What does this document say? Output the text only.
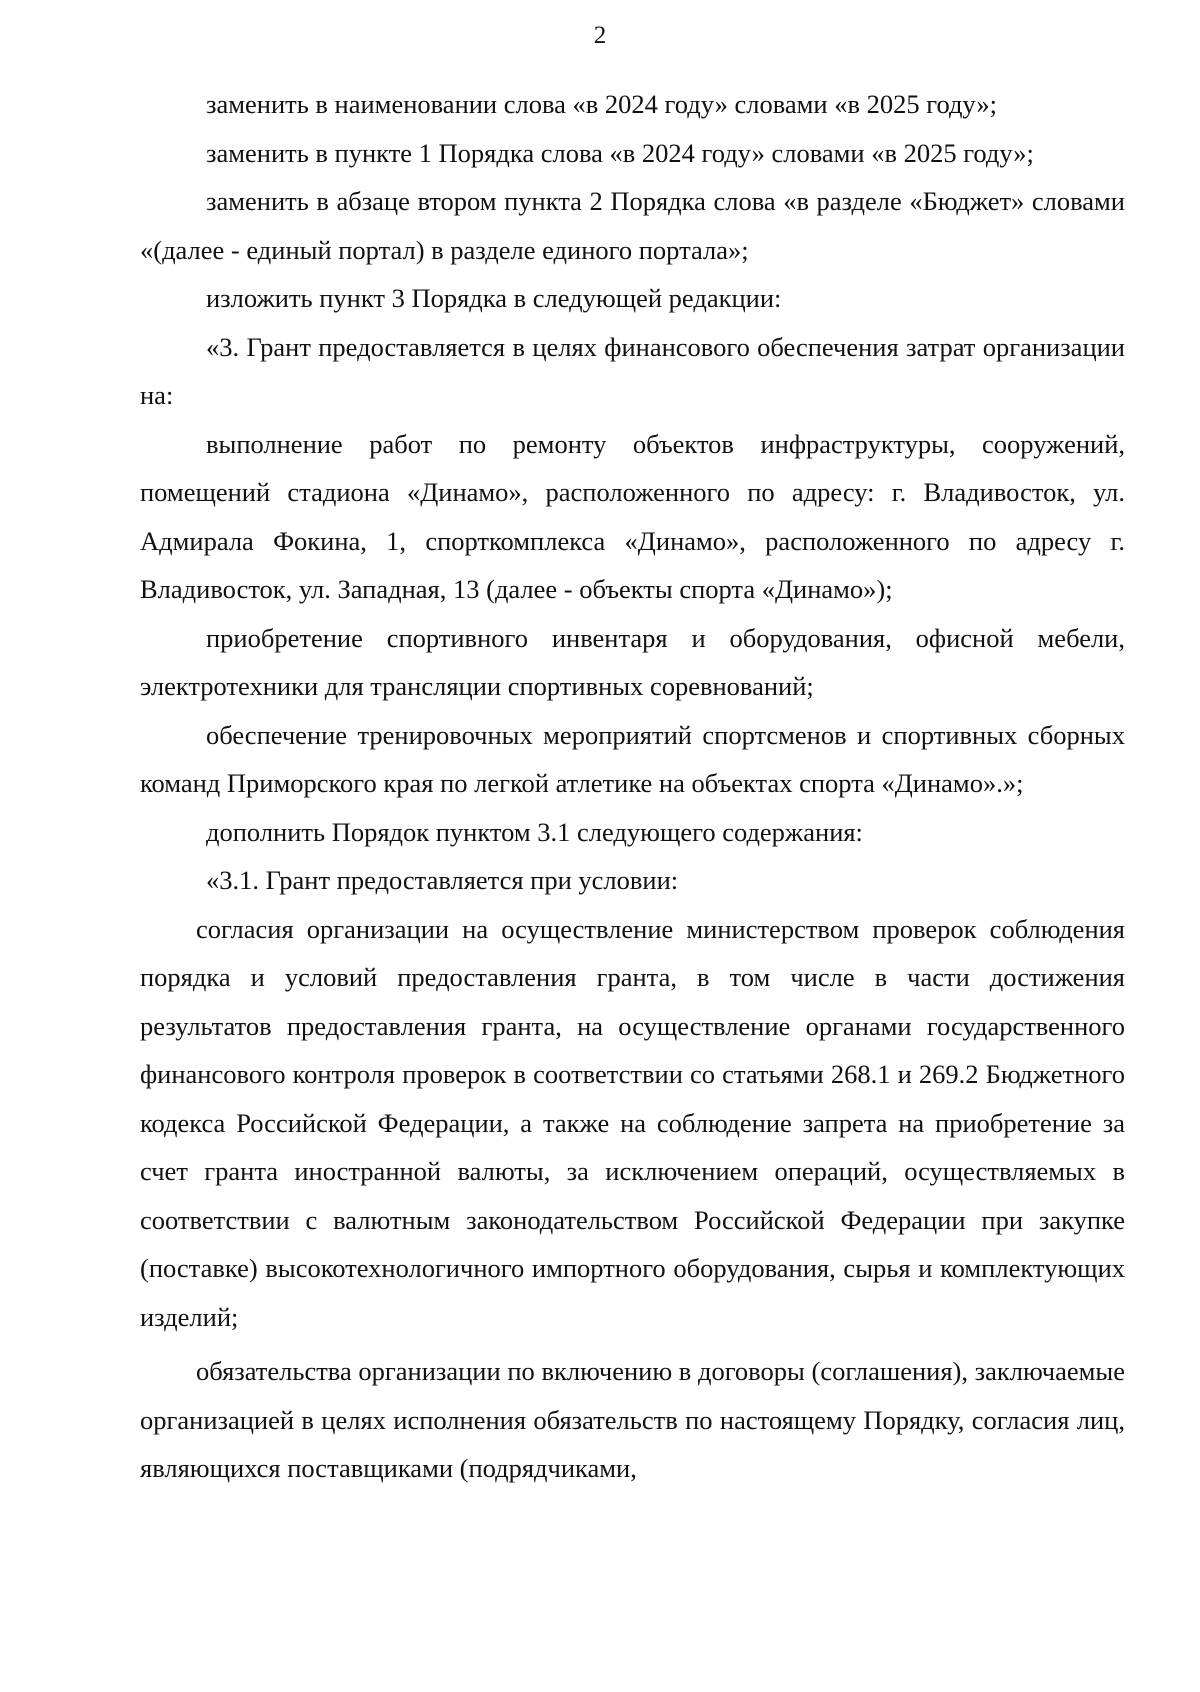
2

заменить в наименовании слова «в 2024 году» словами «в 2025 году»;

заменить в пункте 1 Порядка слова «в 2024 году» словами «в 2025 году»;

заменить в абзаце втором пункта 2 Порядка слова «в разделе «Бюджет» словами «(далее - единый портал) в разделе единого портала»;

изложить пункт 3 Порядка в следующей редакции:

«3. Грант предоставляется в целях финансового обеспечения затрат организации на:

выполнение работ по ремонту объектов инфраструктуры, сооружений, помещений стадиона «Динамо», расположенного по адресу: г. Владивосток, ул. Адмирала Фокина, 1, спорткомплекса «Динамо», расположенного по адресу г. Владивосток, ул. Западная, 13 (далее - объекты спорта «Динамо»);

приобретение спортивного инвентаря и оборудования, офисной мебели, электротехники для трансляции спортивных соревнований;

обеспечение тренировочных мероприятий спортсменов и спортивных сборных команд Приморского края по легкой атлетике на объектах спорта «Динамо».»;

дополнить Порядок пунктом 3.1 следующего содержания:

«3.1. Грант предоставляется при условии:

согласия организации на осуществление министерством проверок соблюдения порядка и условий предоставления гранта, в том числе в части достижения результатов предоставления гранта, на осуществление органами государственного финансового контроля проверок в соответствии со статьями 268.1 и 269.2 Бюджетного кодекса Российской Федерации, а также на соблюдение запрета на приобретение за счет гранта иностранной валюты, за исключением операций, осуществляемых в соответствии с валютным законодательством Российской Федерации при закупке (поставке) высокотехнологичного импортного оборудования, сырья и комплектующих изделий;

обязательства организации по включению в договоры (соглашения), заключаемые организацией в целях исполнения обязательств по настоящему Порядку, согласия лиц, являющихся поставщиками (подрядчиками,
